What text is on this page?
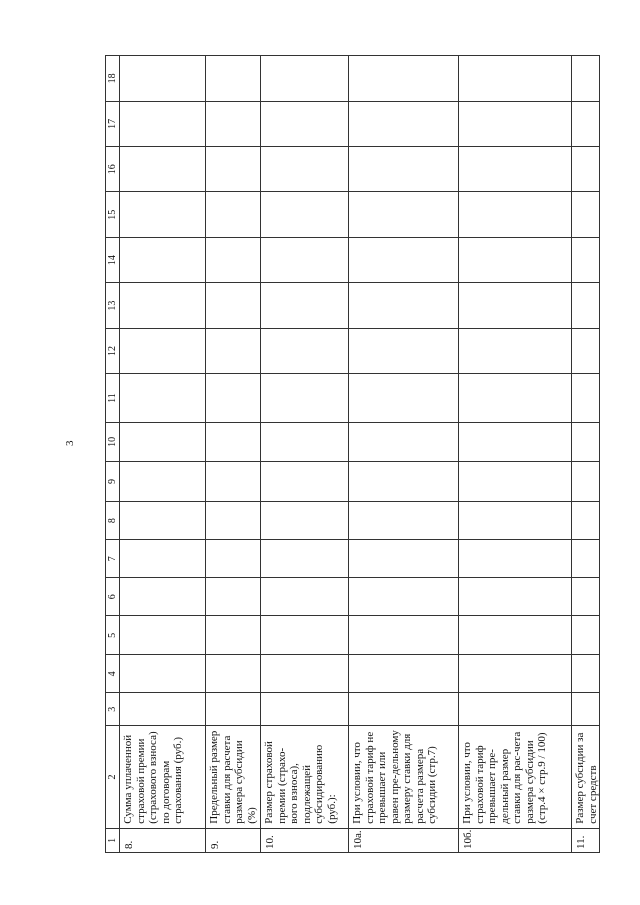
3
1	2	3	4	5	6	7	8	9	10	11	12	13	14	15	16	17	18
8.	Сумма уплаченной страховой премии (страхового взноса) по договорам страхования (руб.)																
9.	Предельный размер ставки для расчета размера субсидии (%)																
10.	Размер страховой премии (страхо-вого взноса), подлежащей субсидированию (руб.):																
10а.	При условии, что страховой тариф не превышает или равен пре-дельному размеру ставки для расчета размера субсидии (стр.7)																
10б.	При условии, что страховой тариф превышает пре-дельный размер ставки для рас-чета размера субсидии (стр.4 × стр.9 / 100)																
11.	Размер субсидии за счет средств																
